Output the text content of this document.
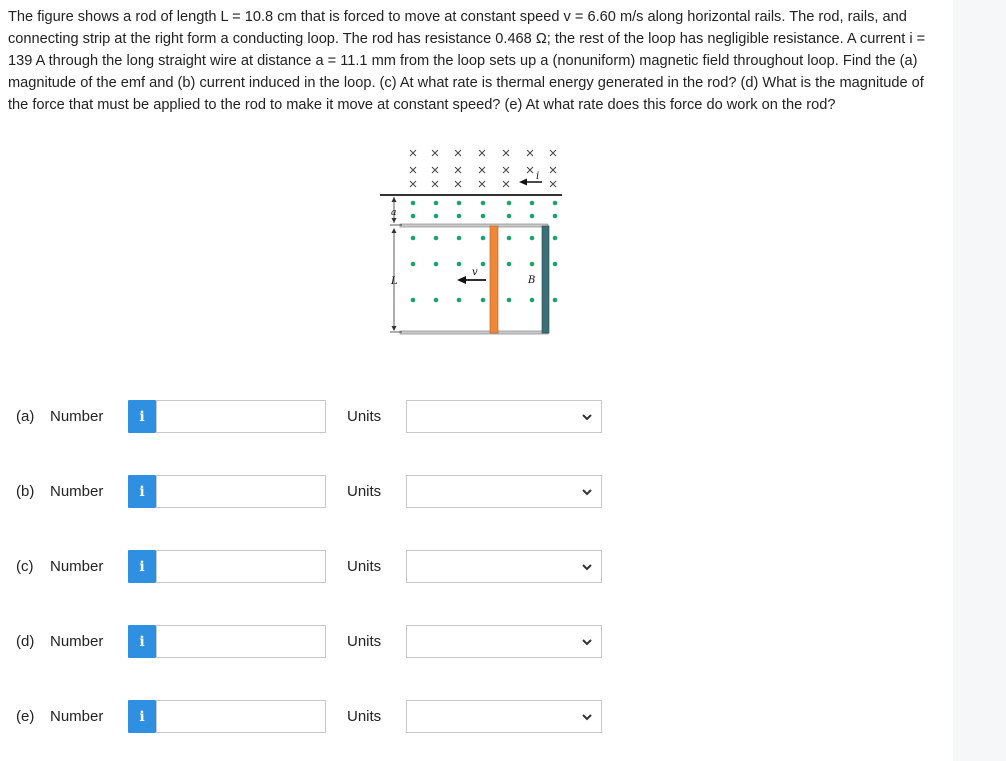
The figure shows a rod of length L = 10.8 cm that is forced to move at constant speed v = 6.60 m/s along horizontal rails. The rod, rails, and connecting strip at the right form a conducting loop. The rod has resistance 0.468 Ω; the rest of the loop has negligible resistance. A current i = 139 A through the long straight wire at distance a = 11.1 mm from the loop sets up a (nonuniform) magnetic field throughout loop. Find the (a) magnitude of the emf and (b) current induced in the loop. (c) At what rate is thermal energy generated in the rod? (d) What is the magnitude of the force that must be applied to the rod to make it move at constant speed? (e) At what rate does this force do work on the rod?
i
v
B
a
L
(a) Number	i	Units
(b) Number	i	Units
(c) Number	i	Units
(d) Number	i	Units
(e) Number	i	Units
